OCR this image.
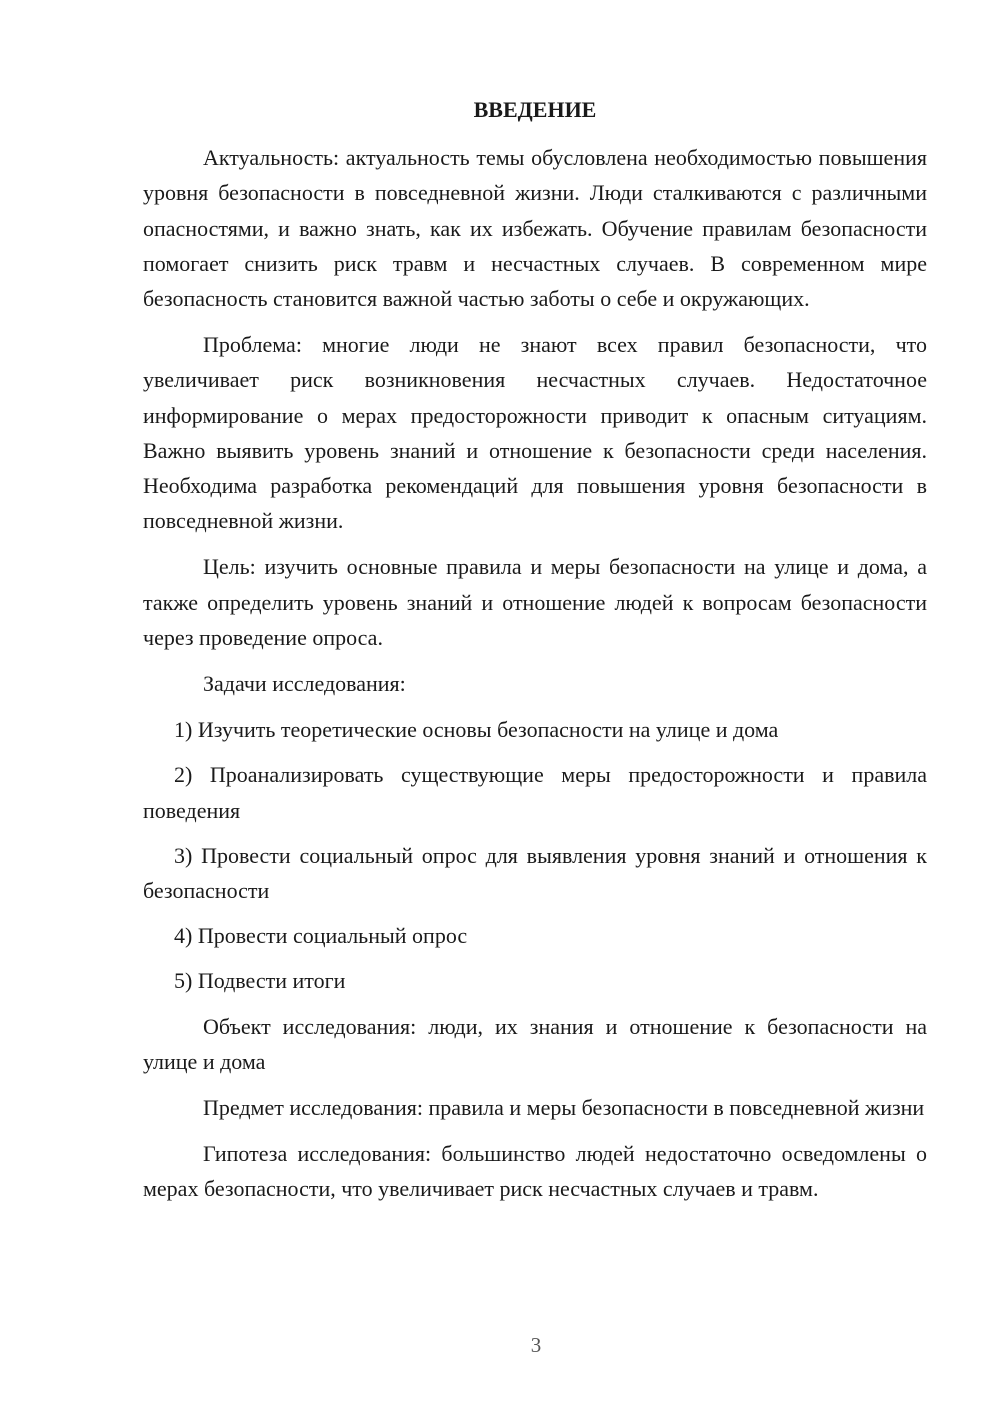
ВВЕДЕНИЕ

Актуальность: актуальность темы обусловлена необходимостью повышения уровня безопасности в повседневной жизни. Люди сталкиваются с различными опасностями, и важно знать, как их избежать. Обучение правилам безопасности помогает снизить риск травм и несчастных случаев. В современном мире безопасность становится важной частью заботы о себе и окружающих.

Проблема: многие люди не знают всех правил безопасности, что увеличивает риск возникновения несчастных случаев. Недостаточное информирование о мерах предосторожности приводит к опасным ситуациям. Важно выявить уровень знаний и отношение к безопасности среди населения. Необходима разработка рекомендаций для повышения уровня безопасности в повседневной жизни.

Цель: изучить основные правила и меры безопасности на улице и дома, а также определить уровень знаний и отношение людей к вопросам безопасности через проведение опроса.

Задачи исследования:

1) Изучить теоретические основы безопасности на улице и дома

2) Проанализировать существующие меры предосторожности и правила поведения

3) Провести социальный опрос для выявления уровня знаний и отношения к безопасности

4) Провести социальный опрос

5) Подвести итоги

Объект исследования: люди, их знания и отношение к безопасности на улице и дома

Предмет исследования: правила и меры безопасности в повседневной жизни

Гипотеза исследования: большинство людей недостаточно осведомлены о мерах безопасности, что увеличивает риск несчастных случаев и травм.

3
